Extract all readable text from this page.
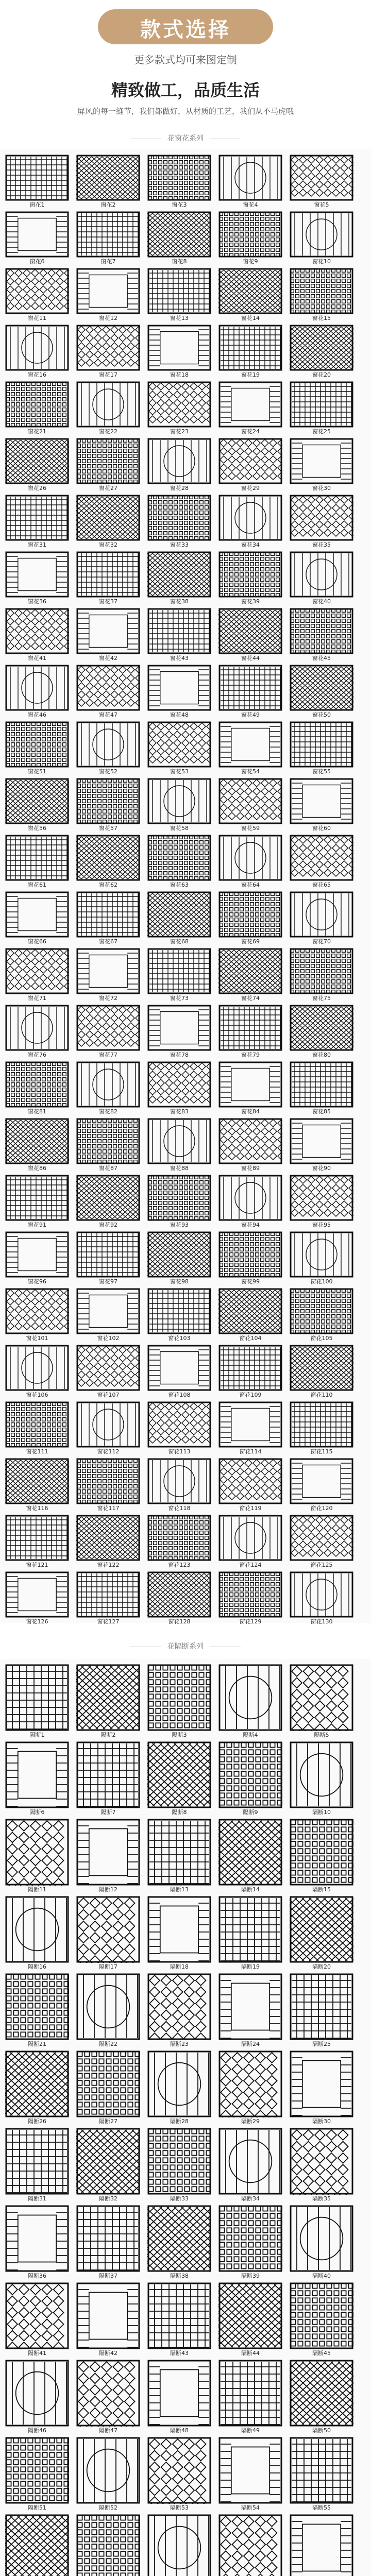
款式选择
更多款式均可来图定制
精致做工，品质生活
屏风的每一缝节，我们都做好，从材质的工艺，我们从不马虎哦
花窗花系列
窗花1	窗花2	窗花3	窗花4	窗花5
窗花6	窗花7	窗花8	窗花9	窗花10
窗花11	窗花12	窗花13	窗花14	窗花15
窗花16	窗花17	窗花18	窗花19	窗花20
窗花21	窗花22	窗花23	窗花24	窗花25
窗花26	窗花27	窗花28	窗花29	窗花30
窗花31	窗花32	窗花33	窗花34	窗花35
窗花36	窗花37	窗花38	窗花39	窗花40
窗花41	窗花42	窗花43	窗花44	窗花45
窗花46	窗花47	窗花48	窗花49	窗花50
窗花51	窗花52	窗花53	窗花54	窗花55
窗花56	窗花57	窗花58	窗花59	窗花60
窗花61	窗花62	窗花63	窗花64	窗花65
窗花66	窗花67	窗花68	窗花69	窗花70
窗花71	窗花72	窗花73	窗花74	窗花75
窗花76	窗花77	窗花78	窗花79	窗花80
窗花81	窗花82	窗花83	窗花84	窗花85
窗花86	窗花87	窗花88	窗花89	窗花90
窗花91	窗花92	窗花93	窗花94	窗花95
窗花96	窗花97	窗花98	窗花99	窗花100
窗花101	窗花102	窗花103	窗花104	窗花105
窗花106	窗花107	窗花108	窗花109	窗花110
窗花111	窗花112	窗花113	窗花114	窗花115
窗花116	窗花117	窗花118	窗花119	窗花120
窗花121	窗花122	窗花123	窗花124	窗花125
窗花126	窗花127	窗花128	窗花129	窗花130
花隔断系列
隔断1	隔断2	隔断3	隔断4	隔断5
隔断6	隔断7	隔断8	隔断9	隔断10
隔断11	隔断12	隔断13	隔断14	隔断15
隔断16	隔断17	隔断18	隔断19	隔断20
隔断21	隔断22	隔断23	隔断24	隔断25
隔断26	隔断27	隔断28	隔断29	隔断30
隔断31	隔断32	隔断33	隔断34	隔断35
隔断36	隔断37	隔断38	隔断39	隔断40
隔断41	隔断42	隔断43	隔断44	隔断45
隔断46	隔断47	隔断48	隔断49	隔断50
隔断51	隔断52	隔断53	隔断54	隔断55
